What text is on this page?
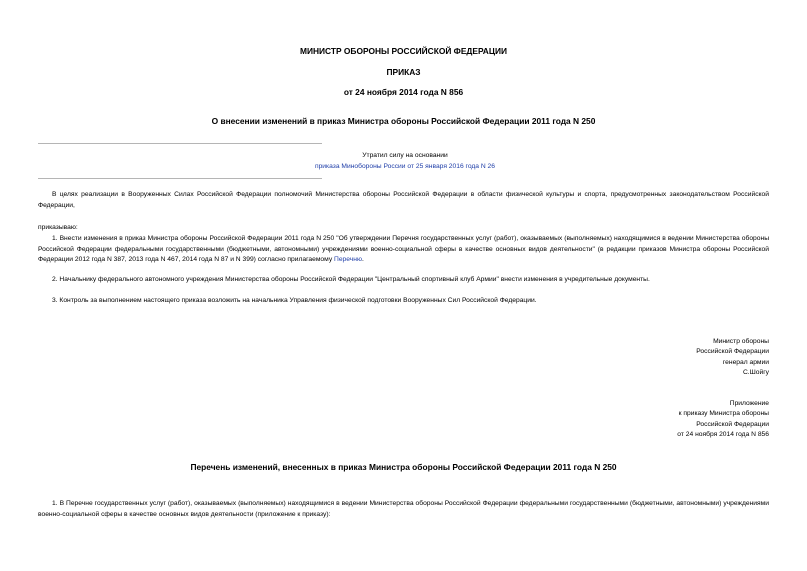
МИНИСТР ОБОРОНЫ РОССИЙСКОЙ ФЕДЕРАЦИИ
ПРИКАЗ
от 24 ноября 2014 года N 856
О внесении изменений в приказ Министра обороны Российской Федерации 2011 года N 250
Утратил силу на основании
приказа Минобороны России от 25 января 2016 года N 26
В целях реализации в Вооруженных Силах Российской Федерации полномочий Министерства обороны Российской Федерации в области физической культуры и спорта, предусмотренных законодательством Российской Федерации,
приказываю:
1. Внести изменения в приказ Министра обороны Российской Федерации 2011 года N 250 "Об утверждении Перечня государственных услуг (работ), оказываемых (выполняемых) находящимися в ведении Министерства обороны Российской Федерации федеральными государственными (бюджетными, автономными) учреждениями военно-социальной сферы в качестве основных видов деятельности" (в редакции приказов Министра обороны Российской Федерации 2012 года N 387, 2013 года N 467, 2014 года N 87 и N 399) согласно прилагаемому Перечню.
2. Начальнику федерального автономного учреждения Министерства обороны Российской Федерации "Центральный спортивный клуб Армии" внести изменения в учредительные документы.
3. Контроль за выполнением настоящего приказа возложить на начальника Управления физической подготовки Вооруженных Сил Российской Федерации.
Министр обороны
Российской Федерации
генерал армии
С.Шойгу
Приложение
к приказу Министра обороны
Российской Федерации
от 24 ноября 2014 года N 856
Перечень изменений, внесенных в приказ Министра обороны Российской Федерации 2011 года N 250
1. В Перечне государственных услуг (работ), оказываемых (выполняемых) находящимися в ведении Министерства обороны Российской Федерации федеральными государственными (бюджетными, автономными) учреждениями военно-социальной сферы в качестве основных видов деятельности (приложение к приказу):
